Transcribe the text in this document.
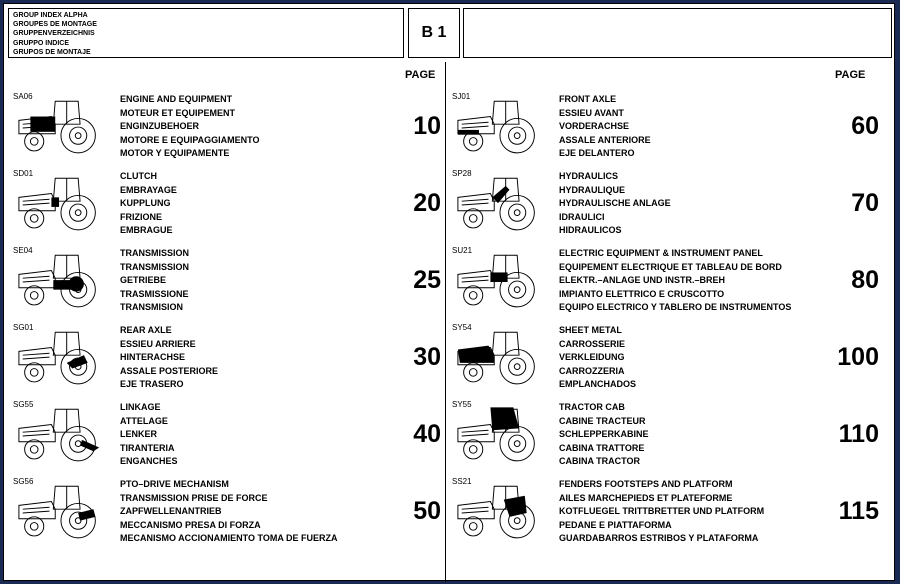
GROUP INDEX ALPHA
GROUPES DE MONTAGE
GRUPPENVERZEICHNIS
GRUPPO INDICE
GRUPOS DE MONTAJE
B 1
PAGE	PAGE
SA06	ENGINE AND EQUIPMENT
MOTEUR ET EQUIPEMENT
ENGINZUBEHOER
MOTORE E EQUIPAGGIAMENTO
MOTOR Y EQUIPAMENTE
10
SD01	CLUTCH
EMBRAYAGE
KUPPLUNG
FRIZIONE
EMBRAGUE
20
SE04	TRANSMISSION
TRANSMISSION
GETRIEBE
TRASMISSIONE
TRANSMISION
25
SG01	REAR AXLE
ESSIEU ARRIERE
HINTERACHSE
ASSALE POSTERIORE
EJE TRASERO
30
SG55	LINKAGE
ATTELAGE
LENKER
TIRANTERIA
ENGANCHES
40
SG56	PTO–DRIVE MECHANISM
TRANSMISSION PRISE DE FORCE
ZAPFWELLENANTRIEB
MECCANISMO PRESA DI FORZA
MECANISMO ACCIONAMIENTO TOMA DE FUERZA
50
SJ01	FRONT AXLE
ESSIEU AVANT
VORDERACHSE
ASSALE ANTERIORE
EJE DELANTERO
60
SP28	HYDRAULICS
HYDRAULIQUE
HYDRAULISCHE ANLAGE
IDRAULICI
HIDRAULICOS
70
SU21	ELECTRIC EQUIPMENT & INSTRUMENT PANEL
EQUIPEMENT ELECTRIQUE ET TABLEAU DE BORD
ELEKTR.–ANLAGE UND INSTR.–BREH
IMPIANTO ELETTRICO E CRUSCOTTO
EQUIPO ELECTRICO Y TABLERO DE INSTRUMENTOS
80
SY54	SHEET METAL
CARROSSERIE
VERKLEIDUNG
CARROZZERIA
EMPLANCHADOS
100
SY55	TRACTOR CAB
CABINE TRACTEUR
SCHLEPPERKABINE
CABINA TRATTORE
CABINA TRACTOR
110
SS21	FENDERS FOOTSTEPS AND PLATFORM
AILES MARCHEPIEDS ET PLATEFORME
KOTFLUEGEL TRITTBRETTER UND PLATFORM
PEDANE E PIATTAFORMA
GUARDABARROS ESTRIBOS Y PLATAFORMA
115
